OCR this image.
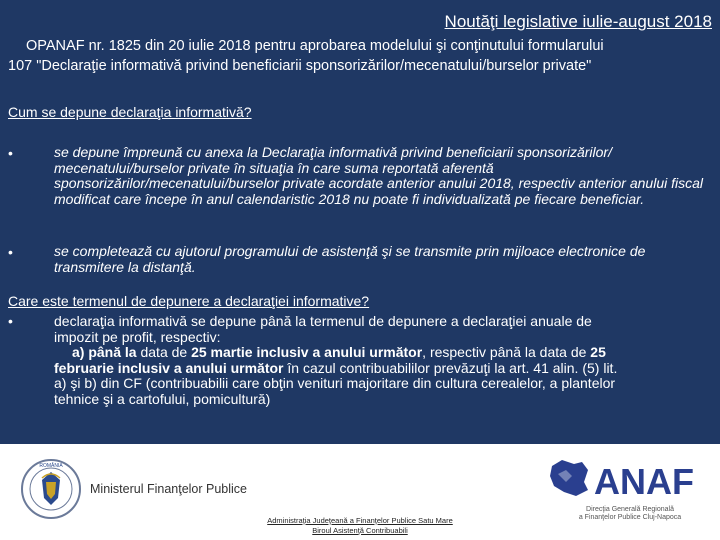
Noutăţi legislative iulie-august 2018
OPANAF nr. 1825 din 20 iulie 2018 pentru aprobarea modelului şi conţinutului formularului
107 "Declaraţie informativă privind beneficiarii sponsorizărilor/mecenatului/burselor private"
Cum se depune declaraţia informativă?
•	se depune împreună cu anexa la Declaraţia informativă privind beneficiarii sponsorizărilor/ mecenatului/burselor private în situaţia în care suma reportată aferentă sponsorizărilor/mecenatului/burselor private acordate anterior anului 2018, respectiv anterior anului fiscal modificat care începe în anul calendaristic 2018 nu poate fi individualizată pe fiecare beneficiar.
•	se completează cu ajutorul programului de asistenţă şi se transmite prin mijloace electronice de transmitere la distanţă.
Care este termenul de depunere a declaraţiei informative?
•	declaraţia informativă se depune până la termenul de depunere a declaraţiei anuale de
impozit pe profit, respectiv:
a) până la data de 25 martie inclusiv a anului următor, respectiv până la data de 25
februarie inclusiv a anului următor în cazul contribuabililor prevăzuţi la art. 41 alin. (5) lit.
a) şi b) din CF (contribuabilii care obţin venituri majoritare din cultura cerealelor, a plantelor
tehnice şi a cartofului, pomicultură)
ROMÂNIA
Ministerul Finanţelor Publice	ANAF
Direcţia Generală Regională
a Finanţelor Publice Cluj-Napoca
Administraţia Judeţeană a Finanţelor Publice Satu Mare
Biroul Asistenţă Contribuabili
